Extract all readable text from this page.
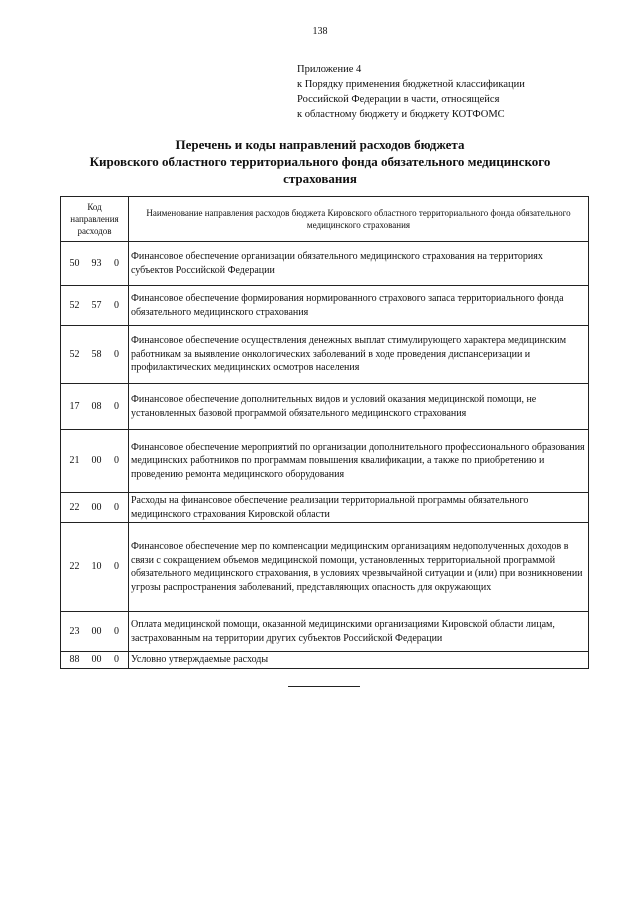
138
Приложение 4
к Порядку применения бюджетной классификации
Российской Федерации в части, относящейся
к областному бюджету и бюджету КОТФОМС
Перечень и коды направлений расходов бюджета
Кировского областного территориального фонда обязательного медицинского
страхования
Код
направления
расходов	Наименование направления расходов бюджета Кировского областного территориального фонда обязательного медицинского страхования
50 93 0	Финансовое обеспечение организации обязательного медицинского страхования на территориях субъектов Российской Федерации
52 57 0	Финансовое обеспечение формирования нормированного страхового запаса территориального фонда обязательного медицинского страхования
52 58 0	Финансовое обеспечение осуществления денежных выплат стимулирующего характера медицинским работникам за выявление онкологических заболеваний в ходе проведения диспансеризации и профилактических медицинских осмотров населения
17 08 0	Финансовое обеспечение дополнительных видов и условий оказания медицинской помощи, не установленных базовой программой обязательного медицинского страхования
21 00 0	Финансовое обеспечение мероприятий по организации дополнительного профессионального образования медицинских работников по программам повышения квалификации, а также по приобретению и проведению ремонта медицинского оборудования
22 00 0	Расходы на финансовое обеспечение реализации территориальной программы обязательного медицинского страхования Кировской области
22 10 0	Финансовое обеспечение мер по компенсации медицинским организациям недополученных доходов в связи с сокращением объемов медицинской помощи, установленных территориальной программой обязательного медицинского страхования, в условиях чрезвычайной ситуации и (или) при возникновении угрозы распространения заболеваний, представляющих опасность для окружающих
23 00 0	Оплата медицинской помощи, оказанной медицинскими организациями Кировской области лицам, застрахованным на территории других субъектов Российской Федерации
88 00 0	Условно утверждаемые расходы
